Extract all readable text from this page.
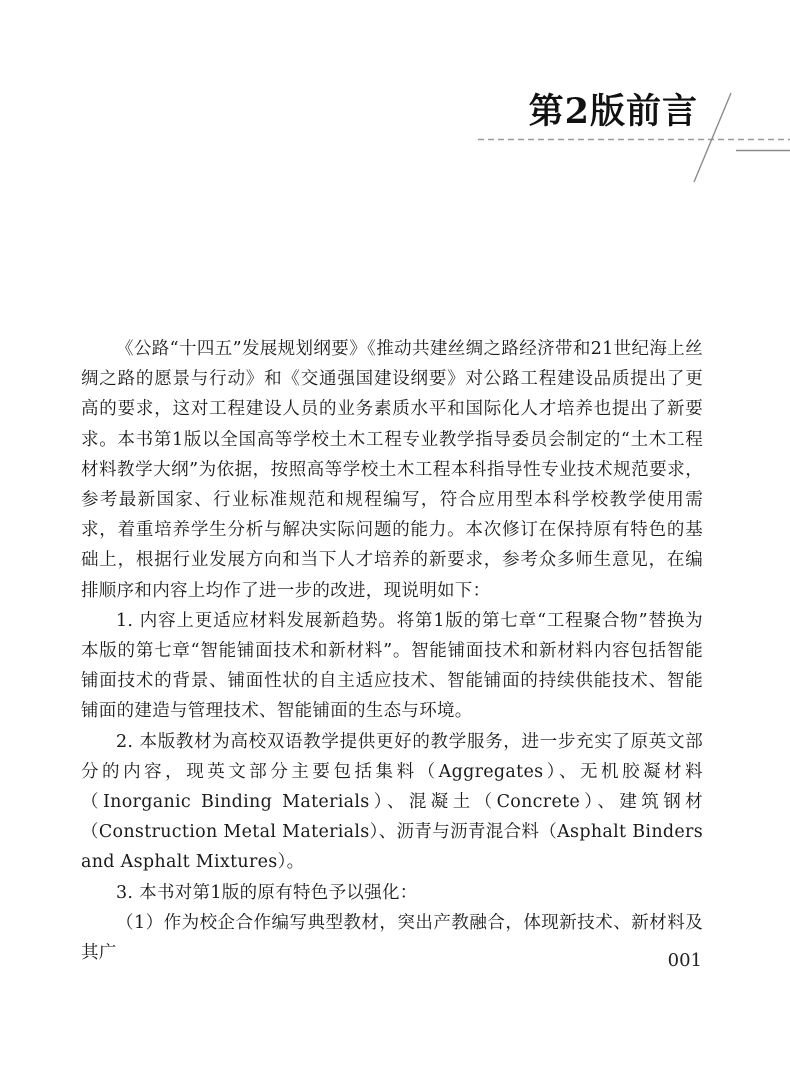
第2版前言

《公路“十四五”发展规划纲要》《推动共建丝绸之路经济带和21世纪海上丝绸之路的愿景与行动》和《交通强国建设纲要》对公路工程建设品质提出了更高的要求，这对工程建设人员的业务素质水平和国际化人才培养也提出了新要求。本书第1版以全国高等学校土木工程专业教学指导委员会制定的“土木工程材料教学大纲”为依据，按照高等学校土木工程本科指导性专业技术规范要求，参考最新国家、行业标准规范和规程编写，符合应用型本科学校教学使用需求，着重培养学生分析与解决实际问题的能力。本次修订在保持原有特色的基础上，根据行业发展方向和当下人才培养的新要求，参考众多师生意见，在编排顺序和内容上均作了进一步的改进，现说明如下：

1. 内容上更适应材料发展新趋势。将第1版的第七章“工程聚合物”替换为本版的第七章“智能铺面技术和新材料”。智能铺面技术和新材料内容包括智能铺面技术的背景、铺面性状的自主适应技术、智能铺面的持续供能技术、智能铺面的建造与管理技术、智能铺面的生态与环境。

2. 本版教材为高校双语教学提供更好的教学服务，进一步充实了原英文部分的内容，现英文部分主要包括集料（Aggregates）、无机胶凝材料（Inorganic Binding Materials）、混凝土（Concrete）、建筑钢材（Construction Metal Materials）、沥青与沥青混合料（Asphalt Binders and Asphalt Mixtures）。

3. 本书对第1版的原有特色予以强化：

（1）作为校企合作编写典型教材，突出产教融合，体现新技术、新材料及其广	001
